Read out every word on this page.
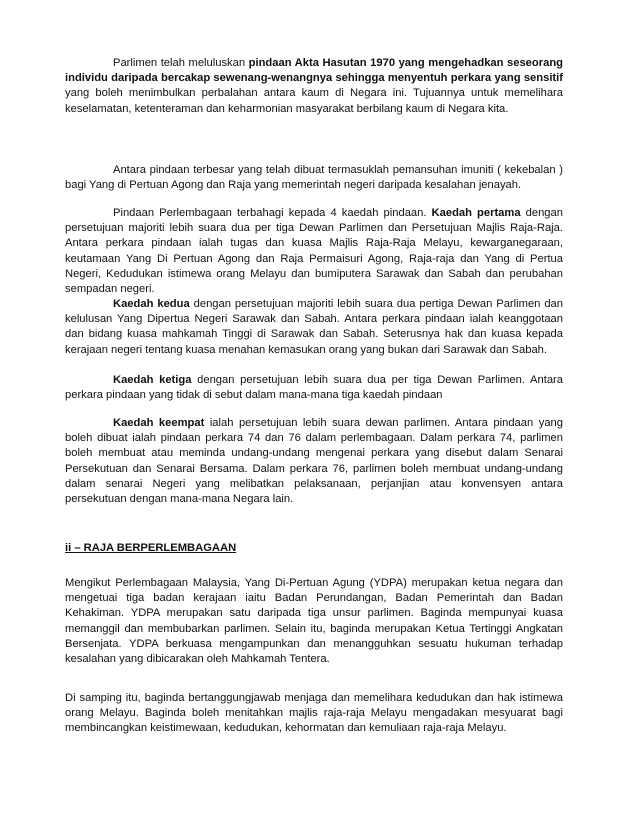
Parlimen telah meluluskan pindaan Akta Hasutan 1970 yang mengehadkan seseorang individu daripada bercakap sewenang-wenangnya sehingga menyentuh perkara yang sensitif yang boleh menimbulkan perbalahan antara kaum di Negara ini. Tujuannya untuk memelihara keselamatan, ketenteraman dan keharmonian masyarakat berbilang kaum di Negara kita.

Antara pindaan terbesar yang telah dibuat termasuklah pemansuhan imuniti ( kekebalan ) bagi Yang di Pertuan Agong dan Raja yang memerintah negeri daripada kesalahan jenayah.

Pindaan Perlembagaan terbahagi kepada 4 kaedah pindaan. Kaedah pertama dengan persetujuan majoriti lebih suara dua per tiga Dewan Parlimen dan Persetujuan Majlis Raja-Raja. Antara perkara pindaan ialah tugas dan kuasa Majlis Raja-Raja Melayu, kewarganegaraan, keutamaan Yang Di Pertuan Agong dan Raja Permaisuri Agong, Raja-raja dan Yang di Pertua Negeri, Kedudukan istimewa orang Melayu dan bumiputera Sarawak dan Sabah dan perubahan sempadan negeri.

Kaedah kedua dengan persetujuan majoriti lebih suara dua pertiga Dewan Parlimen dan kelulusan Yang Dipertua Negeri Sarawak dan Sabah. Antara perkara pindaan ialah keanggotaan dan bidang kuasa mahkamah Tinggi di Sarawak dan Sabah. Seterusnya hak dan kuasa kepada kerajaan negeri tentang kuasa menahan kemasukan orang yang bukan dari Sarawak dan Sabah.

Kaedah ketiga dengan persetujuan lebih suara dua per tiga Dewan Parlimen. Antara perkara pindaan yang tidak di sebut dalam mana-mana tiga kaedah pindaan

Kaedah keempat ialah persetujuan lebih suara dewan parlimen. Antara pindaan yang boleh dibuat ialah pindaan perkara 74 dan 76 dalam perlembagaan. Dalam perkara 74, parlimen boleh membuat atau meminda undang-undang mengenai perkara yang disebut dalam Senarai Persekutuan dan Senarai Bersama. Dalam perkara 76, parlimen boleh membuat undang-undang dalam senarai Negeri yang melibatkan pelaksanaan, perjanjian atau konvensyen antara persekutuan dengan mana-mana Negara lain.

ii – RAJA BERPERLEMBAGAAN

Mengikut Perlembagaan Malaysia, Yang Di-Pertuan Agung (YDPA) merupakan ketua negara dan mengetuai tiga badan kerajaan iaitu Badan Perundangan, Badan Pemerintah dan Badan Kehakiman. YDPA merupakan satu daripada tiga unsur parlimen. Baginda mempunyai kuasa memanggil dan membubarkan parlimen. Selain itu, baginda merupakan Ketua Tertinggi Angkatan Bersenjata. YDPA berkuasa mengampunkan dan menangguhkan sesuatu hukuman terhadap kesalahan yang dibicarakan oleh Mahkamah Tentera.

Di samping itu, baginda bertanggungjawab menjaga dan memelihara kedudukan dan hak istimewa orang Melayu. Baginda boleh menitahkan majlis raja-raja Melayu mengadakan mesyuarat bagi membincangkan keistimewaan, kedudukan, kehormatan dan kemuliaan raja-raja Melayu.
